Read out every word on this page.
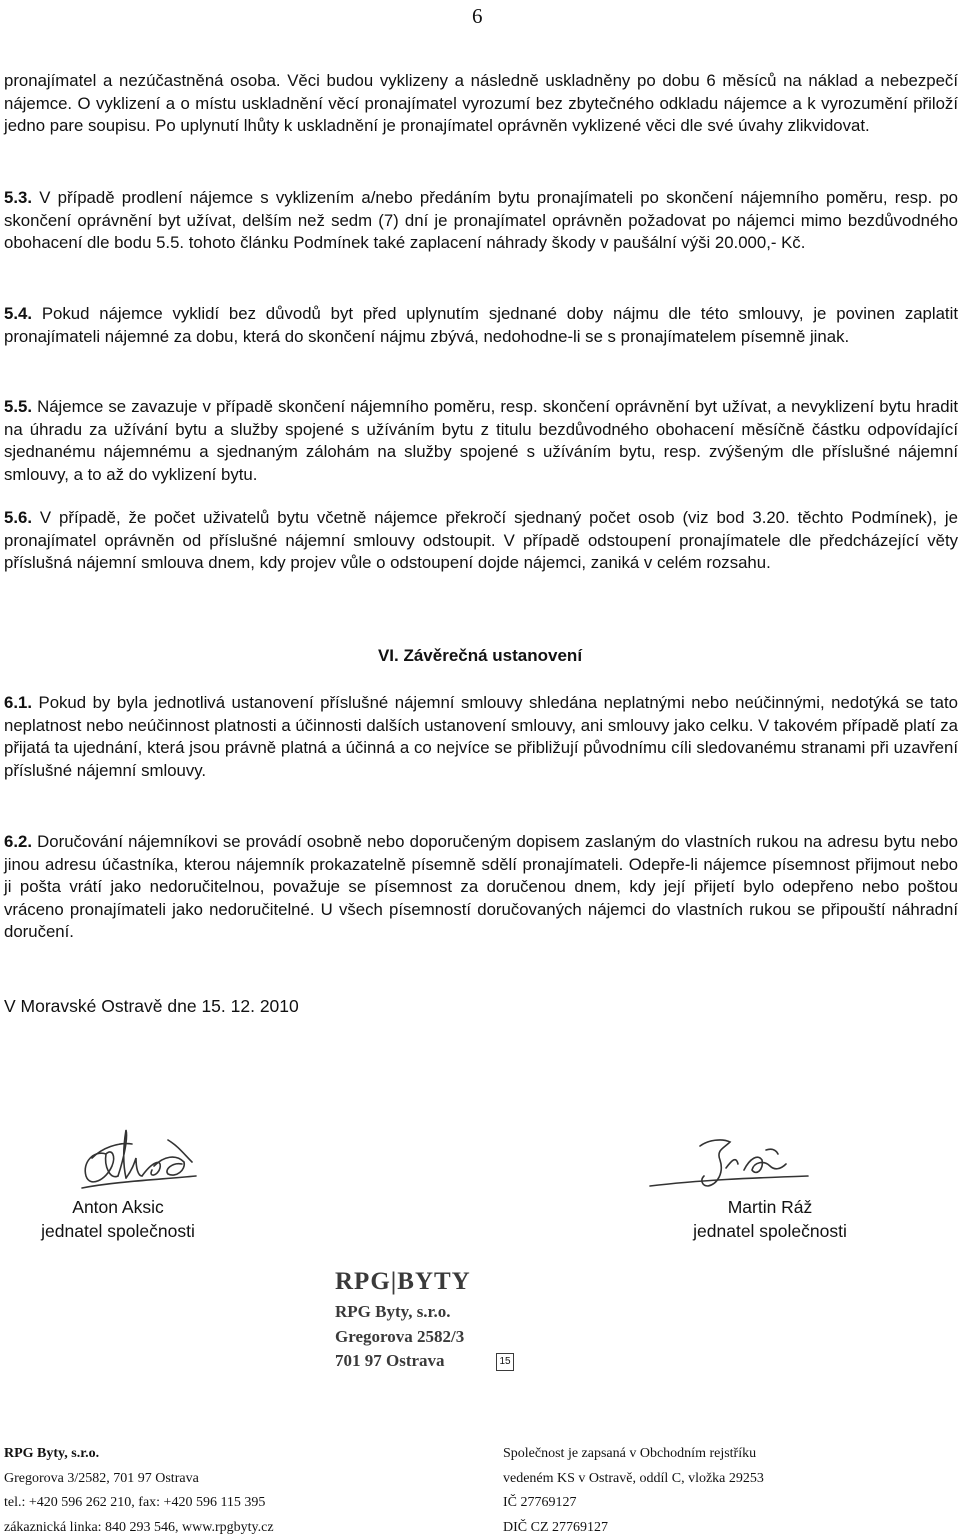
6
pronajímatel a nezúčastněná osoba. Věci budou vyklizeny a následně uskladněny po dobu 6 měsíců na náklad a nebezpečí nájemce. O vyklizení a o místu uskladnění věcí pronajímatel vyrozumí bez zbytečného odkladu nájemce a k vyrozumění přiloží jedno pare soupisu. Po uplynutí lhůty k uskladnění je pronajímatel oprávněn vyklizené věci dle své úvahy zlikvidovat.
5.3. V případě prodlení nájemce s vyklizením a/nebo předáním bytu pronajímateli po skončení nájemního poměru, resp. po skončení oprávnění byt užívat, delším než sedm (7) dní je pronajímatel oprávněn požadovat po nájemci mimo bezdůvodného obohacení dle bodu 5.5. tohoto článku Podmínek také zaplacení náhrady škody v paušální výši 20.000,- Kč.
5.4. Pokud nájemce vyklidí bez důvodů byt před uplynutím sjednané doby nájmu dle této smlouvy, je povinen zaplatit pronajímateli nájemné za dobu, která do skončení nájmu zbývá, nedohodne-li se s pronajímatelem písemně jinak.
5.5. Nájemce se zavazuje v případě skončení nájemního poměru, resp. skončení oprávnění byt užívat, a nevyklizení bytu hradit na úhradu za užívání bytu a služby spojené s užíváním bytu z titulu bezdůvodného obohacení měsíčně částku odpovídající sjednanému nájemnému a sjednaným zálohám na služby spojené s užíváním bytu, resp. zvýšeným dle příslušné nájemní smlouvy, a to až do vyklizení bytu.
5.6. V případě, že počet uživatelů bytu včetně nájemce překročí sjednaný počet osob (viz bod 3.20. těchto Podmínek), je pronajímatel oprávněn od příslušné nájemní smlouvy odstoupit. V případě odstoupení pronajímatele dle předcházející věty příslušná nájemní smlouva dnem, kdy projev vůle o odstoupení dojde nájemci, zaniká v celém rozsahu.
VI. Závěrečná ustanovení
6.1. Pokud by byla jednotlivá ustanovení příslušné nájemní smlouvy shledána neplatnými nebo neúčinnými, nedotýká se tato neplatnost nebo neúčinnost platnosti a účinnosti dalších ustanovení smlouvy, ani smlouvy jako celku. V takovém případě platí za přijatá ta ujednání, která jsou právně platná a účinná a co nejvíce se přibližují původnímu cíli sledovanému stranami při uzavření příslušné nájemní smlouvy.
6.2. Doručování nájemníkovi se provádí osobně nebo doporučeným dopisem zaslaným do vlastních rukou na adresu bytu nebo jinou adresu účastníka, kterou nájemník prokazatelně písemně sdělí pronajímateli. Odepře-li nájemce písemnost přijmout nebo ji pošta vrátí jako nedoručitelnou, považuje se písemnost za doručenou dnem, kdy její přijetí bylo odepřeno nebo poštou vráceno pronajímateli jako nedoručitelné. U všech písemností doručovaných nájemci do vlastních rukou se připouští náhradní doručení.
V Moravské Ostravě dne 15. 12. 2010
Anton Aksic
jednatel společnosti
Martin Ráž
jednatel společnosti
RPG|BYTY
RPG Byty, s.r.o.
Gregorova 2582/3
701 97 Ostrava	15
RPG Byty, s.r.o.
Gregorova 3/2582, 701 97 Ostrava
tel.: +420 596 262 210, fax: +420 596 115 395
zákaznická linka: 840 293 546, www.rpgbyty.cz
Společnost je zapsaná v Obchodním rejstříku
vedeném KS v Ostravě, oddíl C, vložka 29253
IČ 27769127
DIČ CZ 27769127
